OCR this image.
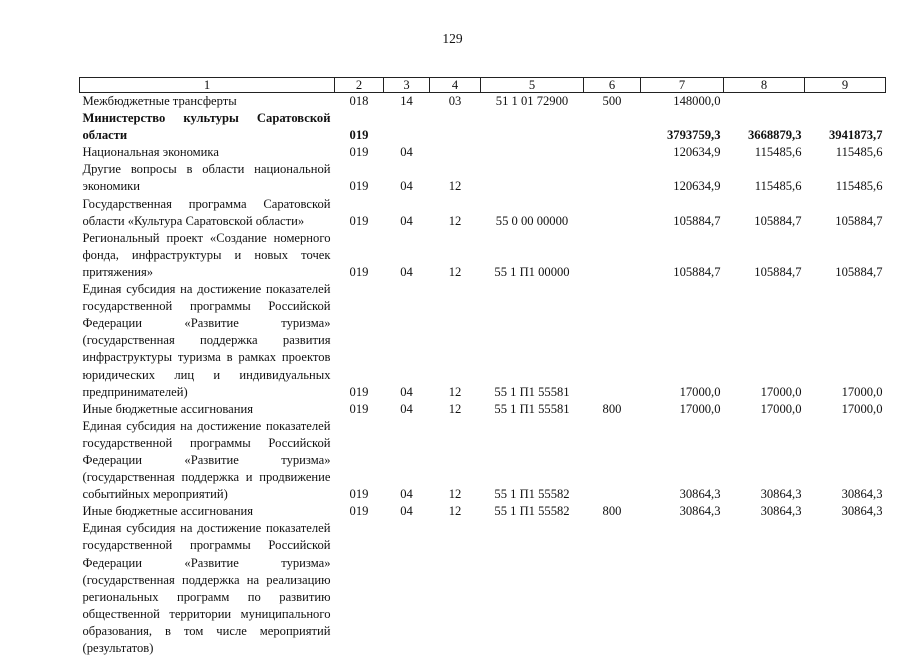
129
1	2	3	4	5	6	7	8	9
Межбюджетные трансферты	018	14	03	51 1 01 72900	500	148000,0		
Министерство культуры Саратовской области	019					3793759,3	3668879,3	3941873,7
Национальная экономика	019	04				120634,9	115485,6	115485,6
Другие вопросы в области национальной экономики	019	04	12			120634,9	115485,6	115485,6
Государственная программа Саратовской области «Культура Саратовской области»	019	04	12	55 0 00 00000		105884,7	105884,7	105884,7
Региональный проект «Создание номерного фонда, инфраструктуры и новых точек притяжения»	019	04	12	55 1 П1 00000		105884,7	105884,7	105884,7
Единая субсидия на достижение показателей государственной программы Российской Федерации «Развитие туризма» (государственная поддержка развития инфраструктуры туризма в рамках проектов юридических лиц и индивидуальных предпринимателей)	019	04	12	55 1 П1 55581		17000,0	17000,0	17000,0
Иные бюджетные ассигнования	019	04	12	55 1 П1 55581	800	17000,0	17000,0	17000,0
Единая субсидия на достижение показателей государственной программы Российской Федерации «Развитие туризма» (государственная поддержка и продвижение событийных мероприятий)	019	04	12	55 1 П1 55582		30864,3	30864,3	30864,3
Иные бюджетные ассигнования	019	04	12	55 1 П1 55582	800	30864,3	30864,3	30864,3
Единая субсидия на достижение показателей государственной программы Российской Федерации «Развитие туризма» (государственная поддержка на реализацию региональных программ по развитию общественной территории муниципального образования, в том числе мероприятий (результатов)								
